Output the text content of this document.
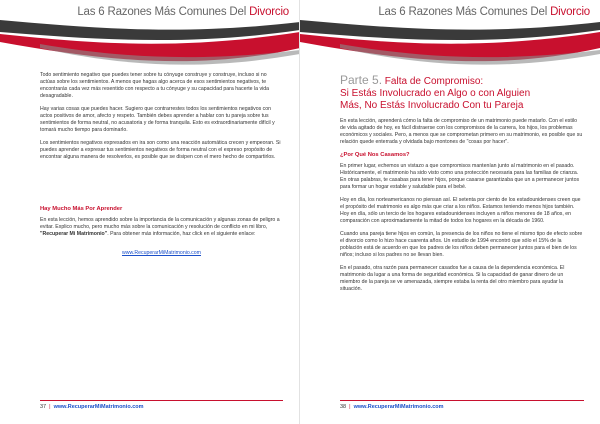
Las 6 Razones Más Comunes Del Divorcio

Todo sentimiento negativo que puedes tener sobre tu cónyuge construye y construye, incluso si no actúas sobre los sentimientos. A menos que hagas algo acerca de esos sentimientos negativos, te encontrarás cada vez más resentido con respecto a tu cónyuge y su capacidad para hacerte la vida desagradable.

Hay varias cosas que puedes hacer. Sugiero que contrarrestes todos los sentimientos negativos con actos positivos de amor, afecto y respeto. También debes aprender a hablar con tu pareja sobre tus sentimientos de forma neutral, no acusatoria y de forma tranquila. Esto es extraordinariamente difícil y tomará mucho tiempo para dominarlo.

Los sentimientos negativos expresados en ira son como una reacción automática crecen y empeoran. Si puedes aprender a expresar tus sentimientos negativos de forma neutral con el expreso propósito de encontrar alguna manera de resolverlos, es posible que se disipen con el mero hecho de compartirlos.

Hay Mucho Más Por Aprender

En esta lección, hemos aprendido sobre la importancia de la comunicación y algunas zonas de peligro a evitar. Explico mucho, pero mucho más sobre la comunicación y resolución de conflicto en mi libro, "Recuperar Mi Matrimonio". Para obtener más información, haz click en el siguiente enlace:

www.RecuperarMiMatrimonio.com
37 | www.RecuperarMiMatrimonio.com
Las 6 Razones Más Comunes Del Divorcio
Parte 5. Falta de Compromiso:
Si Estás Involucrado en Algo o con Alguien
Más, No Estás Involucrado Con tu Pareja

En esta lección, aprenderá cómo la falta de compromiso de un matrimonio puede matarlo. Con el estilo de vida agitado de hoy, es fácil distraerse con los compromisos de la carrera, los hijos, los problemas económicos y sociales. Pero, a menos que se comprometan primero en su matrimonio, es posible que su relación quede enterrada y olvidada bajo montones de "cosas por hacer".

¿Por Qué Nos Casamos?

En primer lugar, echemos un vistazo a que compromisos mantenían junto al matrimonio en el pasado. Históricamente, el matrimonio ha sido visto como una protección necesaria para las familias de crianza. En otras palabras, te casabas para tener hijos, porque casarse garantizaba que un a permanecer juntos para formar un hogar estable y saludable para el bebé.

Hoy en día, los norteamericanos no piensan así. El setenta por ciento de los estadounidenses creen que el propósito del matrimonio es algo más que criar a los niños. Estamos teniendo menos hijos también. Hoy en día, sólo un tercio de los hogares estadounidenses incluyen a niños menores de 18 años, en comparación con aproximadamente la mitad de todos los hogares en la década de 1960.

Cuando una pareja tiene hijos en común, la presencia de los niños no tiene el mismo tipo de efecto sobre el divorcio como lo hizo hace cuarenta años. Un estudio de 1994 encontró que sólo el 15% de la población está de acuerdo en que los padres de los niños deben permanecer juntos para el bien de los niños; incluso si los padres no se llevan bien.

En el pasado, otra razón para permanecer casados fue a causa de la dependencia económica. El matrimonio da lugar a una forma de seguridad económica. Si la capacidad de ganar dinero de un miembro de la pareja se ve amenazada, siempre estaba la renta del otro miembro para ayudar la situación.

38 | www.RecuperarMiMatrimonio.com
